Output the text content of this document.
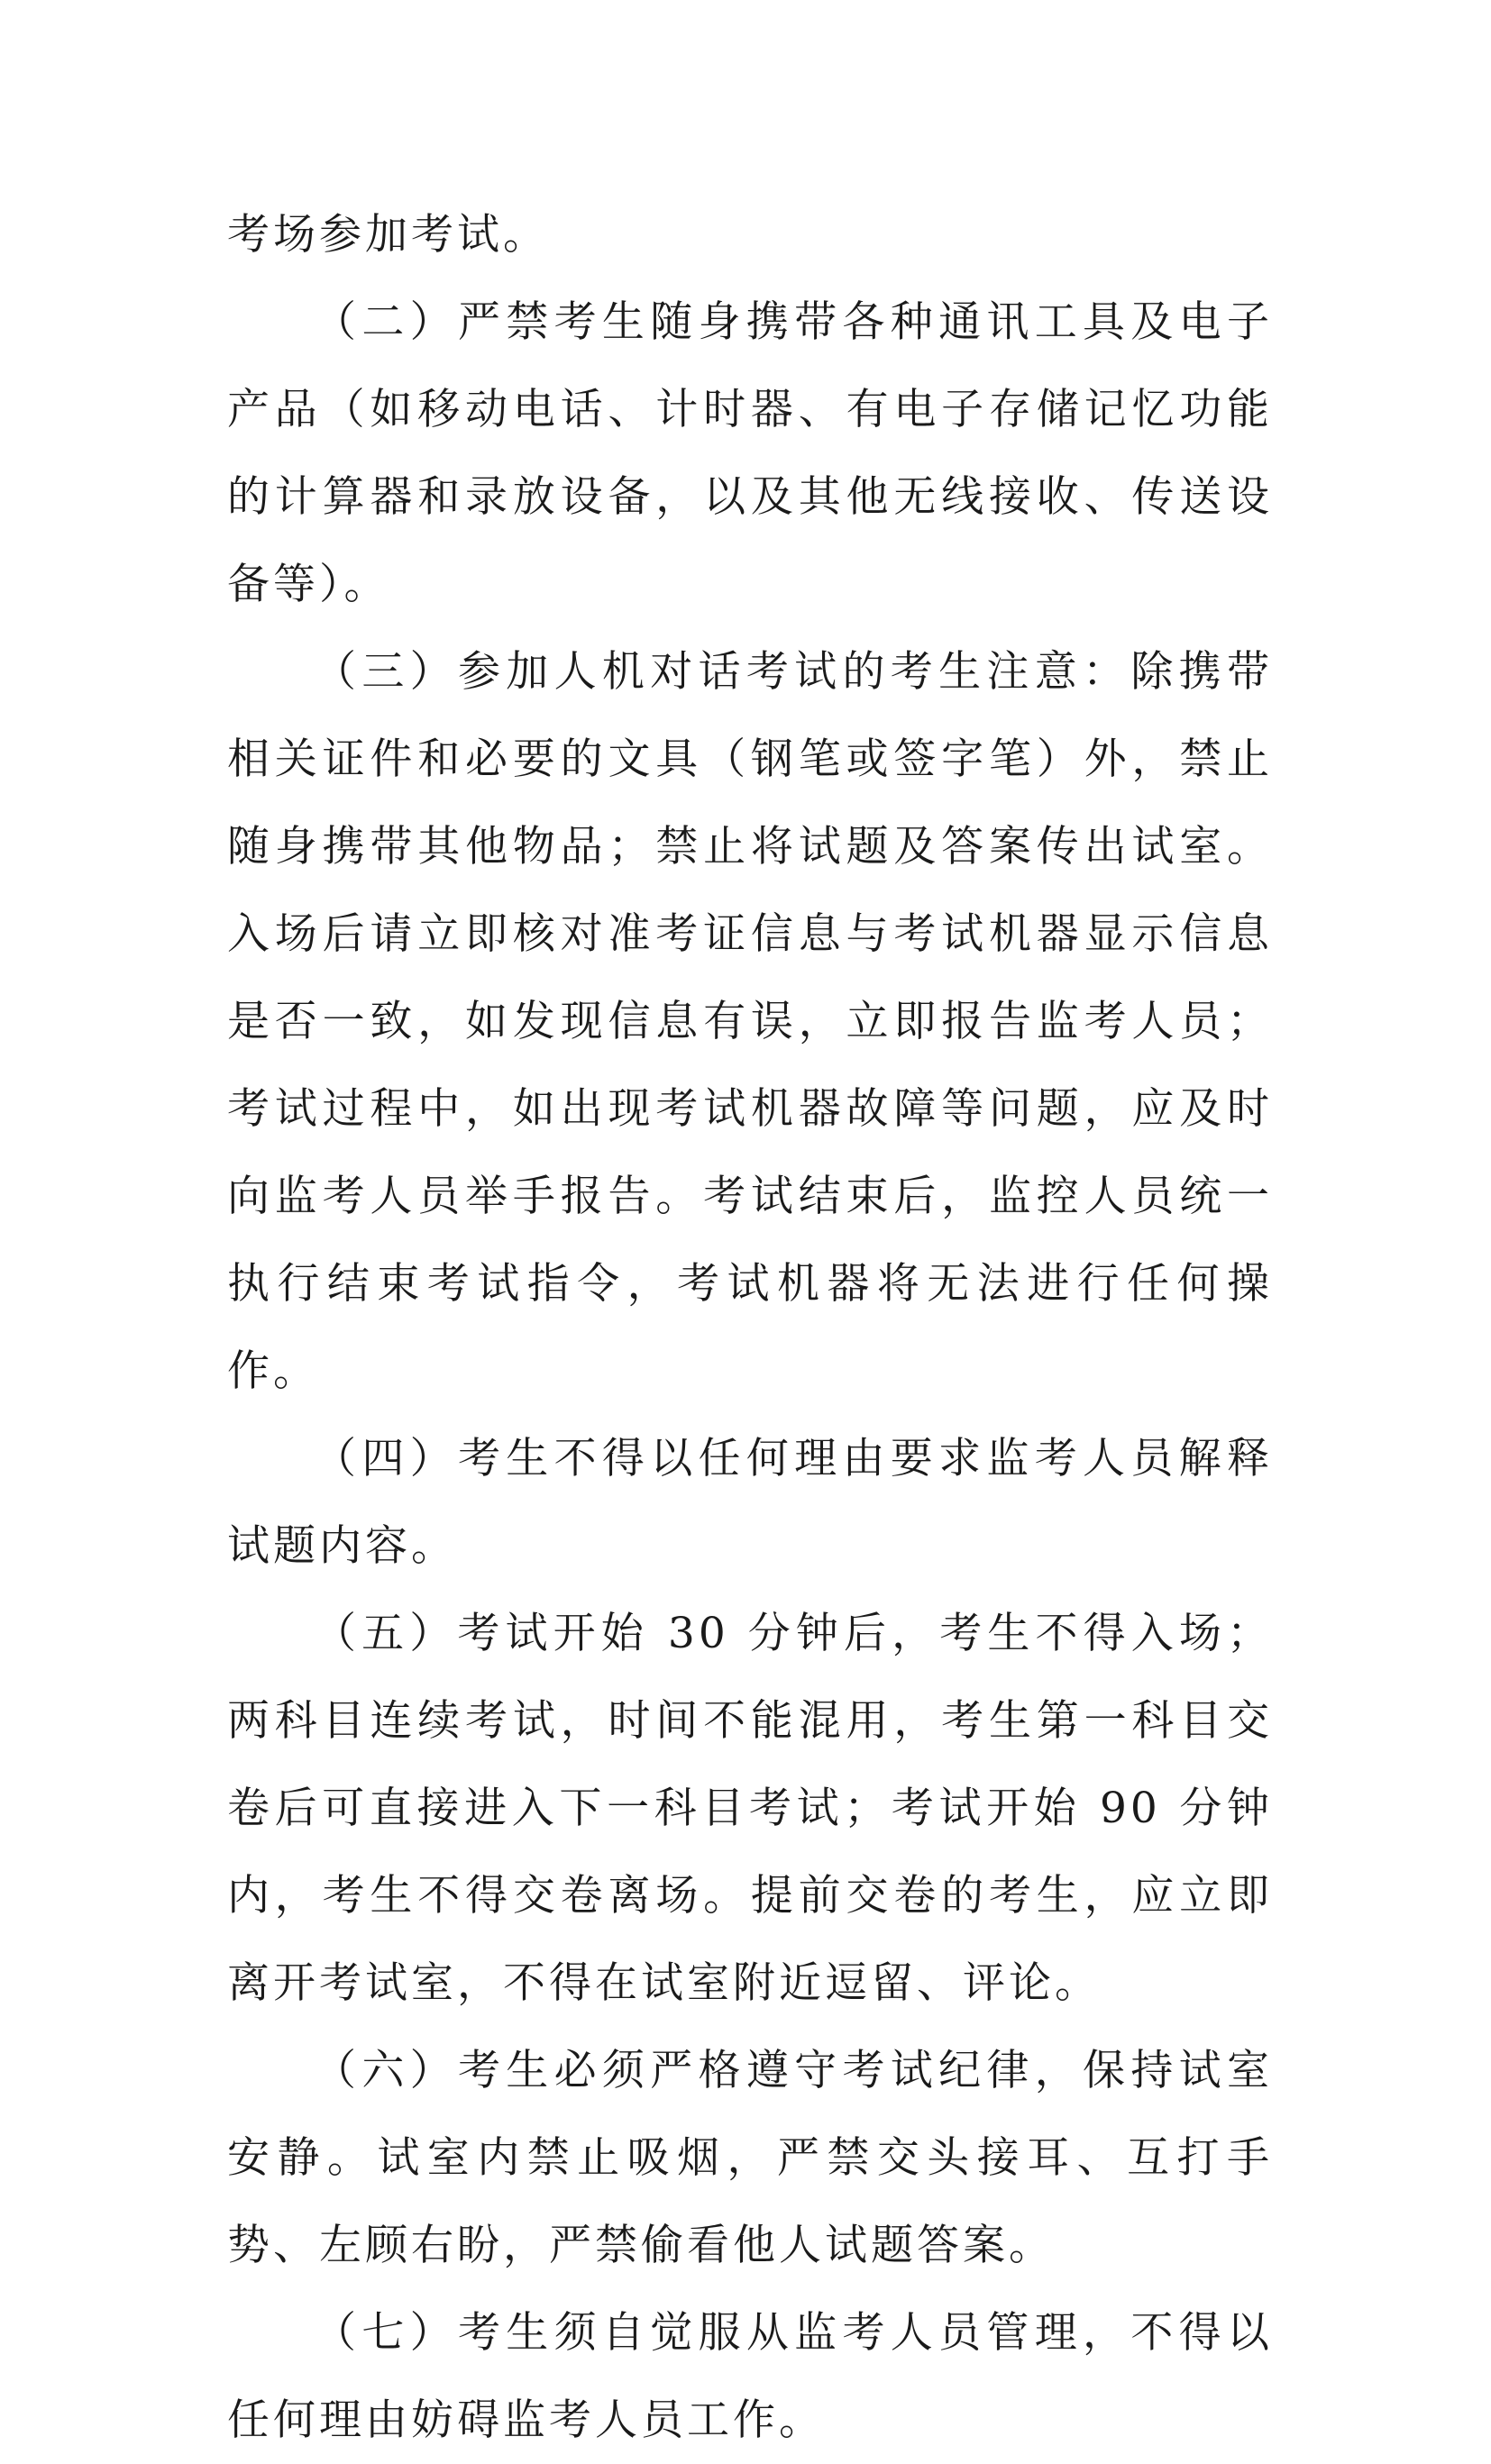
考场参加考试。

（二）严禁考生随身携带各种通讯工具及电子产品（如移动电话、计时器、有电子存储记忆功能的计算器和录放设备，以及其他无线接收、传送设备等）。

（三）参加人机对话考试的考生注意：除携带相关证件和必要的文具（钢笔或签字笔）外，禁止随身携带其他物品；禁止将试题及答案传出试室。入场后请立即核对准考证信息与考试机器显示信息是否一致，如发现信息有误，立即报告监考人员；考试过程中，如出现考试机器故障等问题，应及时向监考人员举手报告。考试结束后，监控人员统一执行结束考试指令，考试机器将无法进行任何操作。

（四）考生不得以任何理由要求监考人员解释试题内容。

（五）考试开始 30 分钟后，考生不得入场；两科目连续考试，时间不能混用，考生第一科目交卷后可直接进入下一科目考试；考试开始 90 分钟内，考生不得交卷离场。提前交卷的考生，应立即离开考试室，不得在试室附近逗留、评论。

（六）考生必须严格遵守考试纪律，保持试室安静。试室内禁止吸烟，严禁交头接耳、互打手势、左顾右盼，严禁偷看他人试题答案。

（七）考生须自觉服从监考人员管理，不得以任何理由妨碍监考人员工作。
